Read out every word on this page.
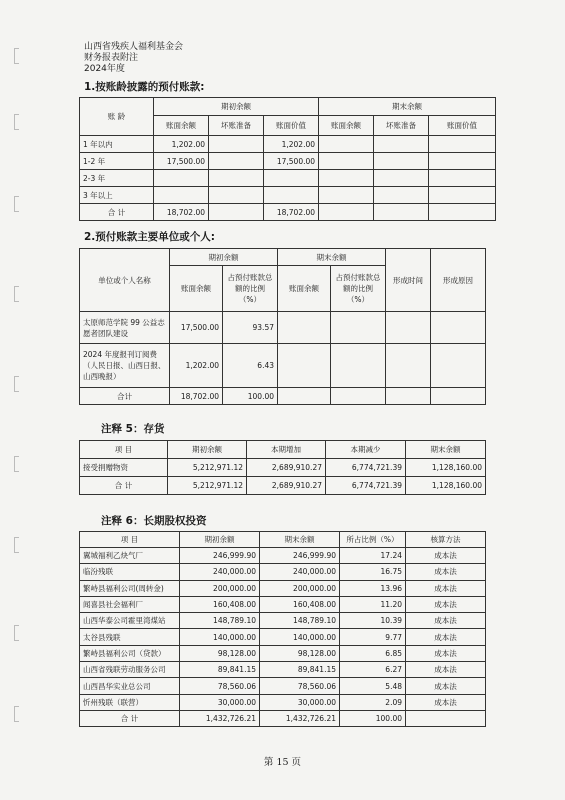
山西省残疾人福利基金会
财务报表附注
2024年度
1.按账龄披露的预付账款:
账 龄	期初余额			期末余额		
	账面余额	坏账准备	账面价值	账面余额	坏账准备	账面价值
1 年以内	1,202.00		1,202.00			
1-2 年	17,500.00		17,500.00			
2-3 年						
3 年以上						
合 计	18,702.00		18,702.00			
2.预付账款主要单位或个人:
单位或个人名称	期初余额		期末余额		形成时间	形成原因
	账面余额	占预付账款总额的比例（%）	账面余额	占预付账款总额的比例（%）		
太原师范学院 99 公益志愿者团队建设	17,500.00	93.57				
2024 年度报刊订阅费（人民日报、山西日报、山西晚报）	1,202.00	6.43				
合计	18,702.00	100.00				
注释 5：存货
项 目	期初余额	本期增加	本期减少	期末余额
接受捐赠物资	5,212,971.12	2,689,910.27	6,774,721.39	1,128,160.00
合 计	5,212,971.12	2,689,910.27	6,774,721.39	1,128,160.00
注释 6：长期股权投资
项 目	期初余额	期末余额	所占比例（%）	核算方法
翼城福利乙炔气厂	246,999.90	246,999.90	17.24	成本法
临汾残联	240,000.00	240,000.00	16.75	成本法
繁峙县福利公司(周转金)	200,000.00	200,000.00	13.96	成本法
闻喜县社会福利厂	160,408.00	160,408.00	11.20	成本法
山西华泰公司霍里湾煤站	148,789.10	148,789.10	10.39	成本法
太谷县残联	140,000.00	140,000.00	9.77	成本法
繁峙县福利公司（贷款）	98,128.00	98,128.00	6.85	成本法
山西省残联劳动服务公司	89,841.15	89,841.15	6.27	成本法
山西昌华实业总公司	78,560.06	78,560.06	5.48	成本法
忻州残联（联营）	30,000.00	30,000.00	2.09	成本法
合 计	1,432,726.21	1,432,726.21	100.00	
第 15 页
